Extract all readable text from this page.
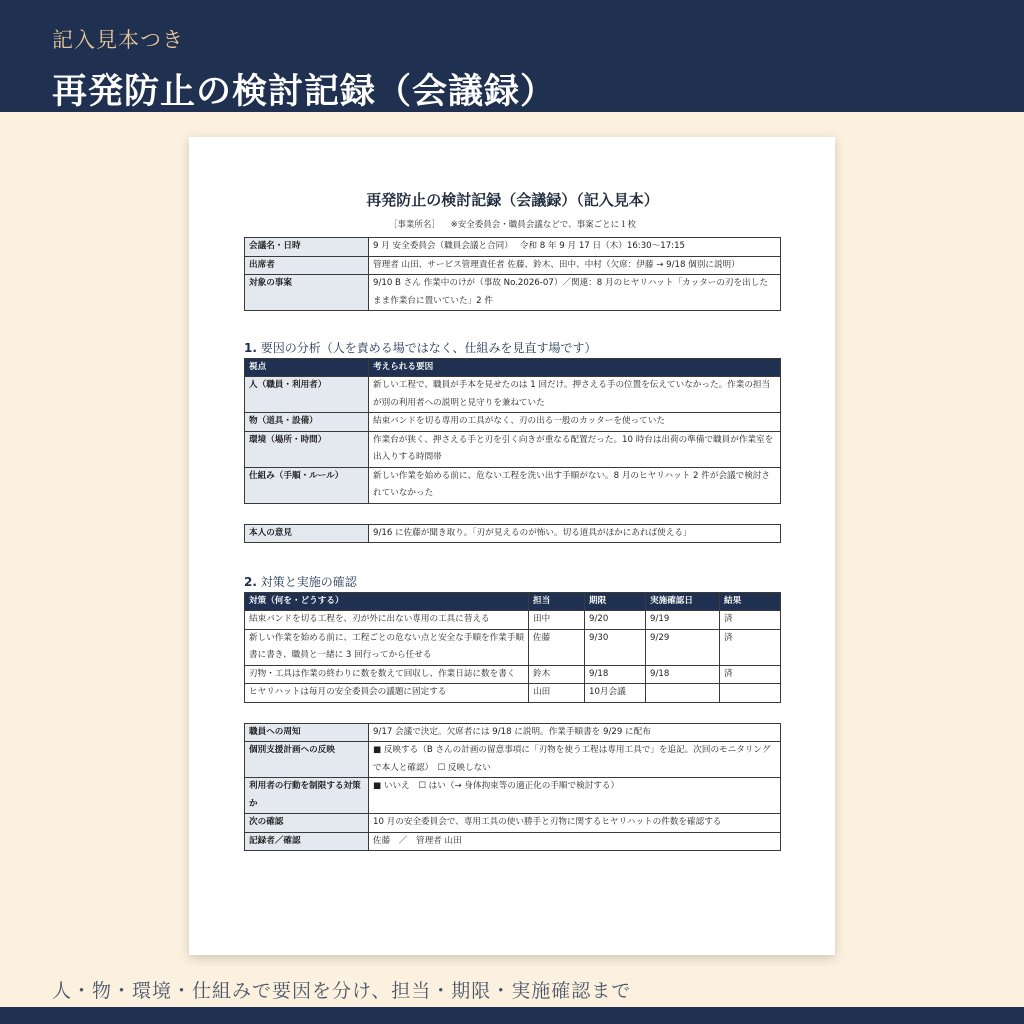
記入見本つき
再発防止の検討記録（会議録）
再発防止の検討記録（会議録）（記入見本）
［事業所名］ ※安全委員会・職員会議などで、事案ごとに１枚
会議名・日時	9 月 安全委員会（職員会議と合同）　 令和 8 年 9 月 17 日（木）16:30〜17:15
出席者	管理者 山田、サービス管理責任者 佐藤、鈴木、田中、中村（欠席：伊藤 → 9/18 個別に説明）
対象の事案	9/10 B さん 作業中のけが（事故 No.2026-07）／関連：8 月のヒヤリハット「カッターの刃を出したまま作業台に置いていた」2 件
1. 要因の分析（人を責める場ではなく、仕組みを見直す場です）
視点	考えられる要因
人（職員・利用者）	新しい工程で、職員が手本を見せたのは 1 回だけ。押さえる手の位置を伝えていなかった。作業の担当が別の利用者への説明と見守りを兼ねていた
物（道具・設備）	結束バンドを切る専用の工具がなく、刃の出る一般のカッターを使っていた
環境（場所・時間）	作業台が狭く、押さえる手と刃を引く向きが重なる配置だった。10 時台は出荷の準備で職員が作業室を出入りする時間帯
仕組み（手順・ルール）	新しい作業を始める前に、危ない工程を洗い出す手順がない。8 月のヒヤリハット 2 件が会議で検討されていなかった
本人の意見	9/16 に佐藤が聞き取り。「刃が見えるのが怖い。切る道具がほかにあれば使える」
2. 対策と実施の確認
対策（何を・どうする）	担当	期限	実施確認日	結果
結束バンドを切る工程を、刃が外に出ない専用の工具に替える	田中	9/20	9/19	済
新しい作業を始める前に、工程ごとの危ない点と安全な手順を作業手順書に書き、職員と一緒に 3 回行ってから任せる	佐藤	9/30	9/29	済
刃物・工具は作業の終わりに数を数えて回収し、作業日誌に数を書く	鈴木	9/18	9/18	済
ヒヤリハットは毎月の安全委員会の議題に固定する	山田	10月会議		
職員への周知	9/17 会議で決定。欠席者には 9/18 に説明。作業手順書を 9/29 に配布
個別支援計画への反映	■ 反映する（B さんの計画の留意事項に「刃物を使う工程は専用工具で」を追記。次回のモニタリングで本人と確認）　☐ 反映しない
利用者の行動を制限する対策か	■ いいえ　☐ はい（→ 身体拘束等の適正化の手順で検討する）
次の確認	10 月の安全委員会で、専用工具の使い勝手と刃物に関するヒヤリハットの件数を確認する
記録者／確認	佐藤　／　管理者 山田
人・物・環境・仕組みで要因を分け、担当・期限・実施確認まで
